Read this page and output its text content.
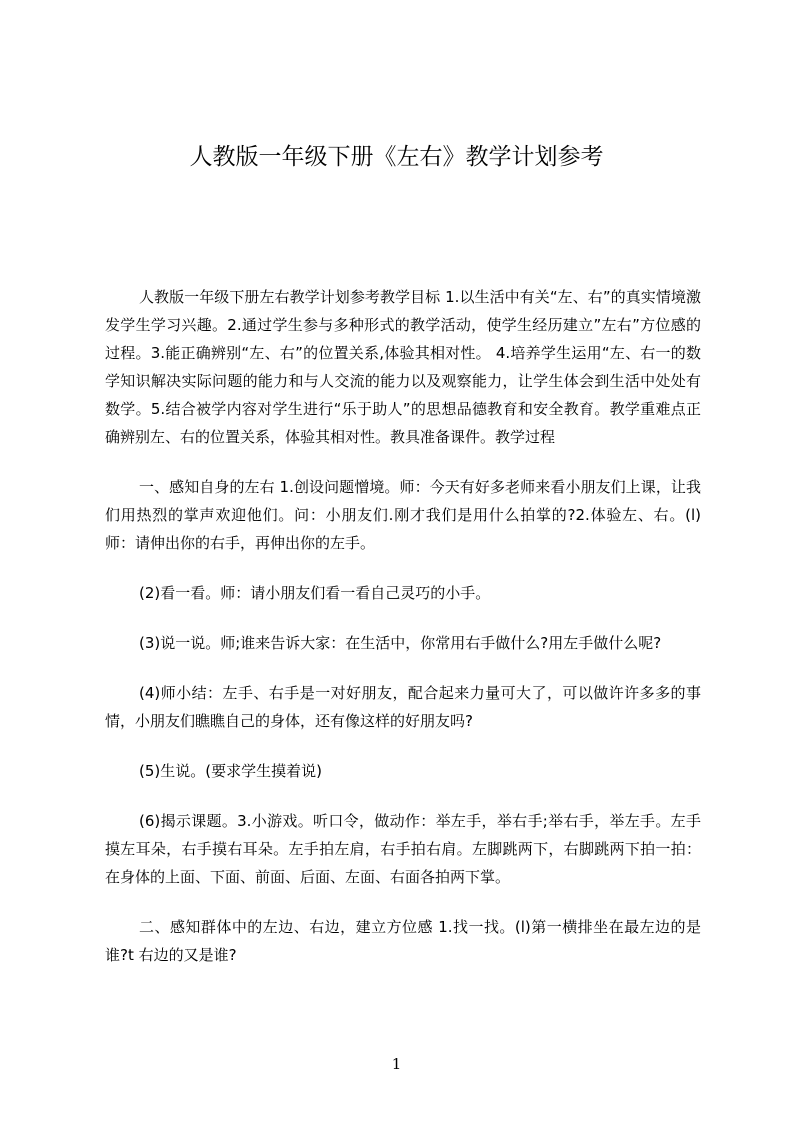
人教版一年级下册《左右》教学计划参考

人教版一年级下册左右教学计划参考教学目标 1.以生活中有关“左、右”的真实情境激发学生学习兴趣。2.通过学生参与多种形式的教学活动，使学生经历建立”左右”方位感的过程。3.能正确辨别“左、右”的位置关系,体验其相对性。 4.培养学生运用“左、右一的数学知识解决实际问题的能力和与人交流的能力以及观察能力，让学生体会到生活中处处有数学。5.结合被学内容对学生进行“乐于助人”的思想品德教育和安全教育。教学重难点正确辨别左、右的位置关系，体验其相对性。教具准备课件。教学过程

一、感知自身的左右 1.创设问题憎境。师：今天有好多老师来看小朋友们上课，让我们用热烈的掌声欢迎他们。问：小朋友们.刚才我们是用什么拍掌的?2.体验左、右。(l)师：请伸出你的右手，再伸出你的左手。

(2)看一看。师：请小朋友们看一看自己灵巧的小手。

(3)说一说。师;谁来告诉大家：在生活中，你常用右手做什么?用左手做什么呢?

(4)师小结：左手、右手是一对好朋友，配合起来力量可大了，可以做许许多多的事情，小朋友们瞧瞧自己的身体，还有像这样的好朋友吗?

(5)生说。(要求学生摸着说)

(6)揭示课题。3.小游戏。听口令，做动作：举左手，举右手;举右手，举左手。左手摸左耳朵，右手摸右耳朵。左手拍左肩，右手拍右肩。左脚跳两下，右脚跳两下拍一拍：在身体的上面、下面、前面、后面、左面、右面各拍两下掌。

二、感知群体中的左边、右边，建立方位感 1.找一找。(l)第一横排坐在最左边的是谁?t 右边的又是谁?

1
